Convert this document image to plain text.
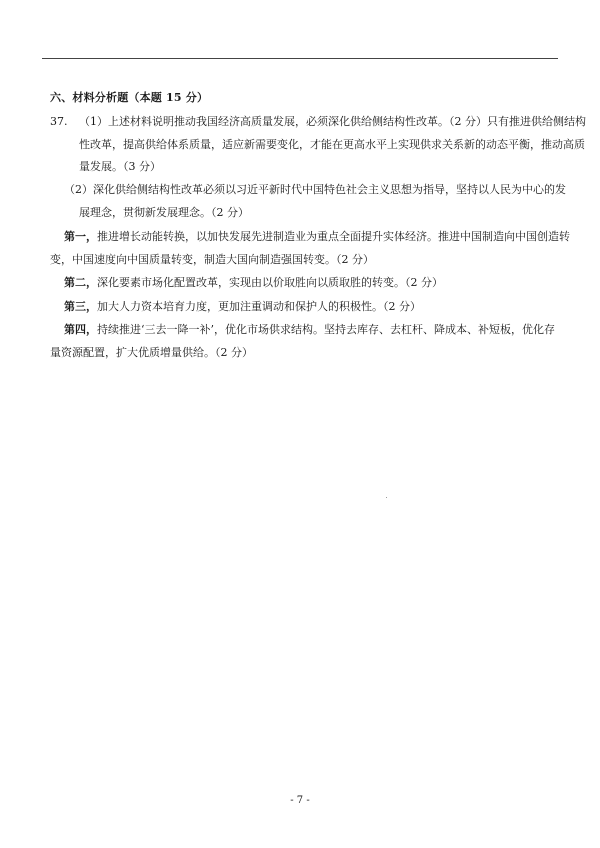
六、材料分析题（本题 15 分）
37. （1）上述材料说明推动我国经济高质量发展，必须深化供给侧结构性改革。（2 分）只有推进供给侧结构
性改革，提高供给体系质量，适应新需要变化，才能在更高水平上实现供求关系新的动态平衡，推动高质
量发展。（3 分）
（2）深化供给侧结构性改革必须以习近平新时代中国特色社会主义思想为指导，坚持以人民为中心的发
展理念，贯彻新发展理念。（2 分）
第一，推进增长动能转换，以加快发展先进制造业为重点全面提升实体经济。推进中国制造向中国创造转
变，中国速度向中国质量转变，制造大国向制造强国转变。（2 分）
第二，深化要素市场化配置改革，实现由以价取胜向以质取胜的转变。（2 分）
第三，加大人力资本培育力度，更加注重调动和保护人的积极性。（2 分）
第四，持续推进‘三去一降一补’，优化市场供求结构。坚持去库存、去杠杆、降成本、补短板，优化存
量资源配置，扩大优质增量供给。（2 分）
- 7 -
